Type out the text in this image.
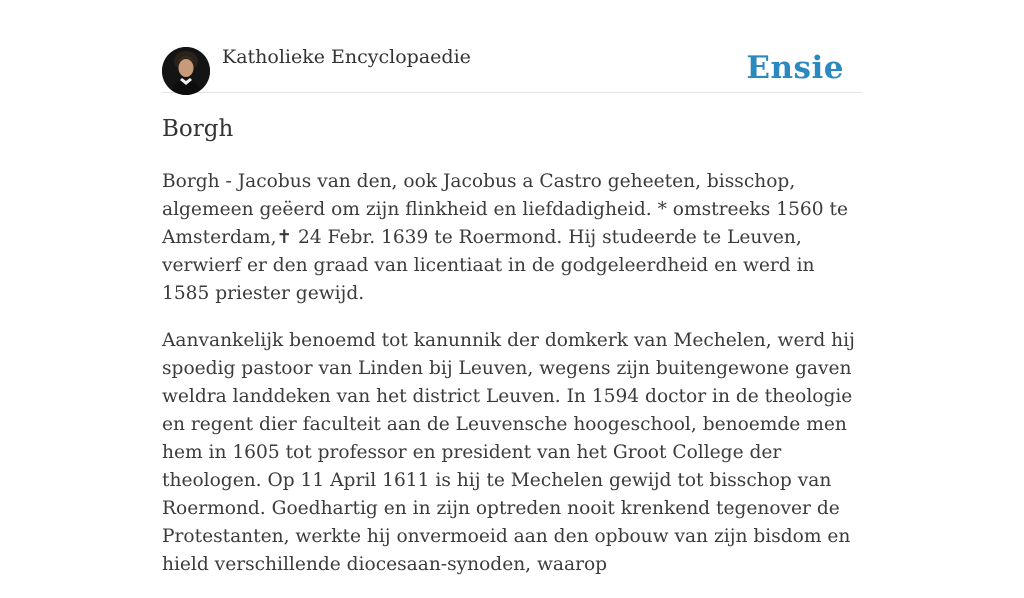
Katholieke Encyclopaedie	Ensie
Borgh

Borgh - Jacobus van den, ook Jacobus a Castro geheeten, bisschop, algemeen geëerd om zijn flinkheid en liefdadigheid. * omstreeks 1560 te Amsterdam,✝ 24 Febr. 1639 te Roermond. Hij studeerde te Leuven, verwierf er den graad van licentiaat in de godgeleerdheid en werd in 1585 priester gewijd.

Aanvankelijk benoemd tot kanunnik der domkerk van Mechelen, werd hij spoedig pastoor van Linden bij Leuven, wegens zijn buitengewone gaven weldra landdeken van het district Leuven. In 1594 doctor in de theologie en regent dier faculteit aan de Leuvensche hoogeschool, benoemde men hem in 1605 tot professor en president van het Groot College der theologen. Op 11 April 1611 is hij te Mechelen gewijd tot bisschop van Roermond. Goedhartig en in zijn optreden nooit krenkend tegenover de Protestanten, werkte hij onvermoeid aan den opbouw van zijn bisdom en hield verschillende diocesaan-synoden, waarop
